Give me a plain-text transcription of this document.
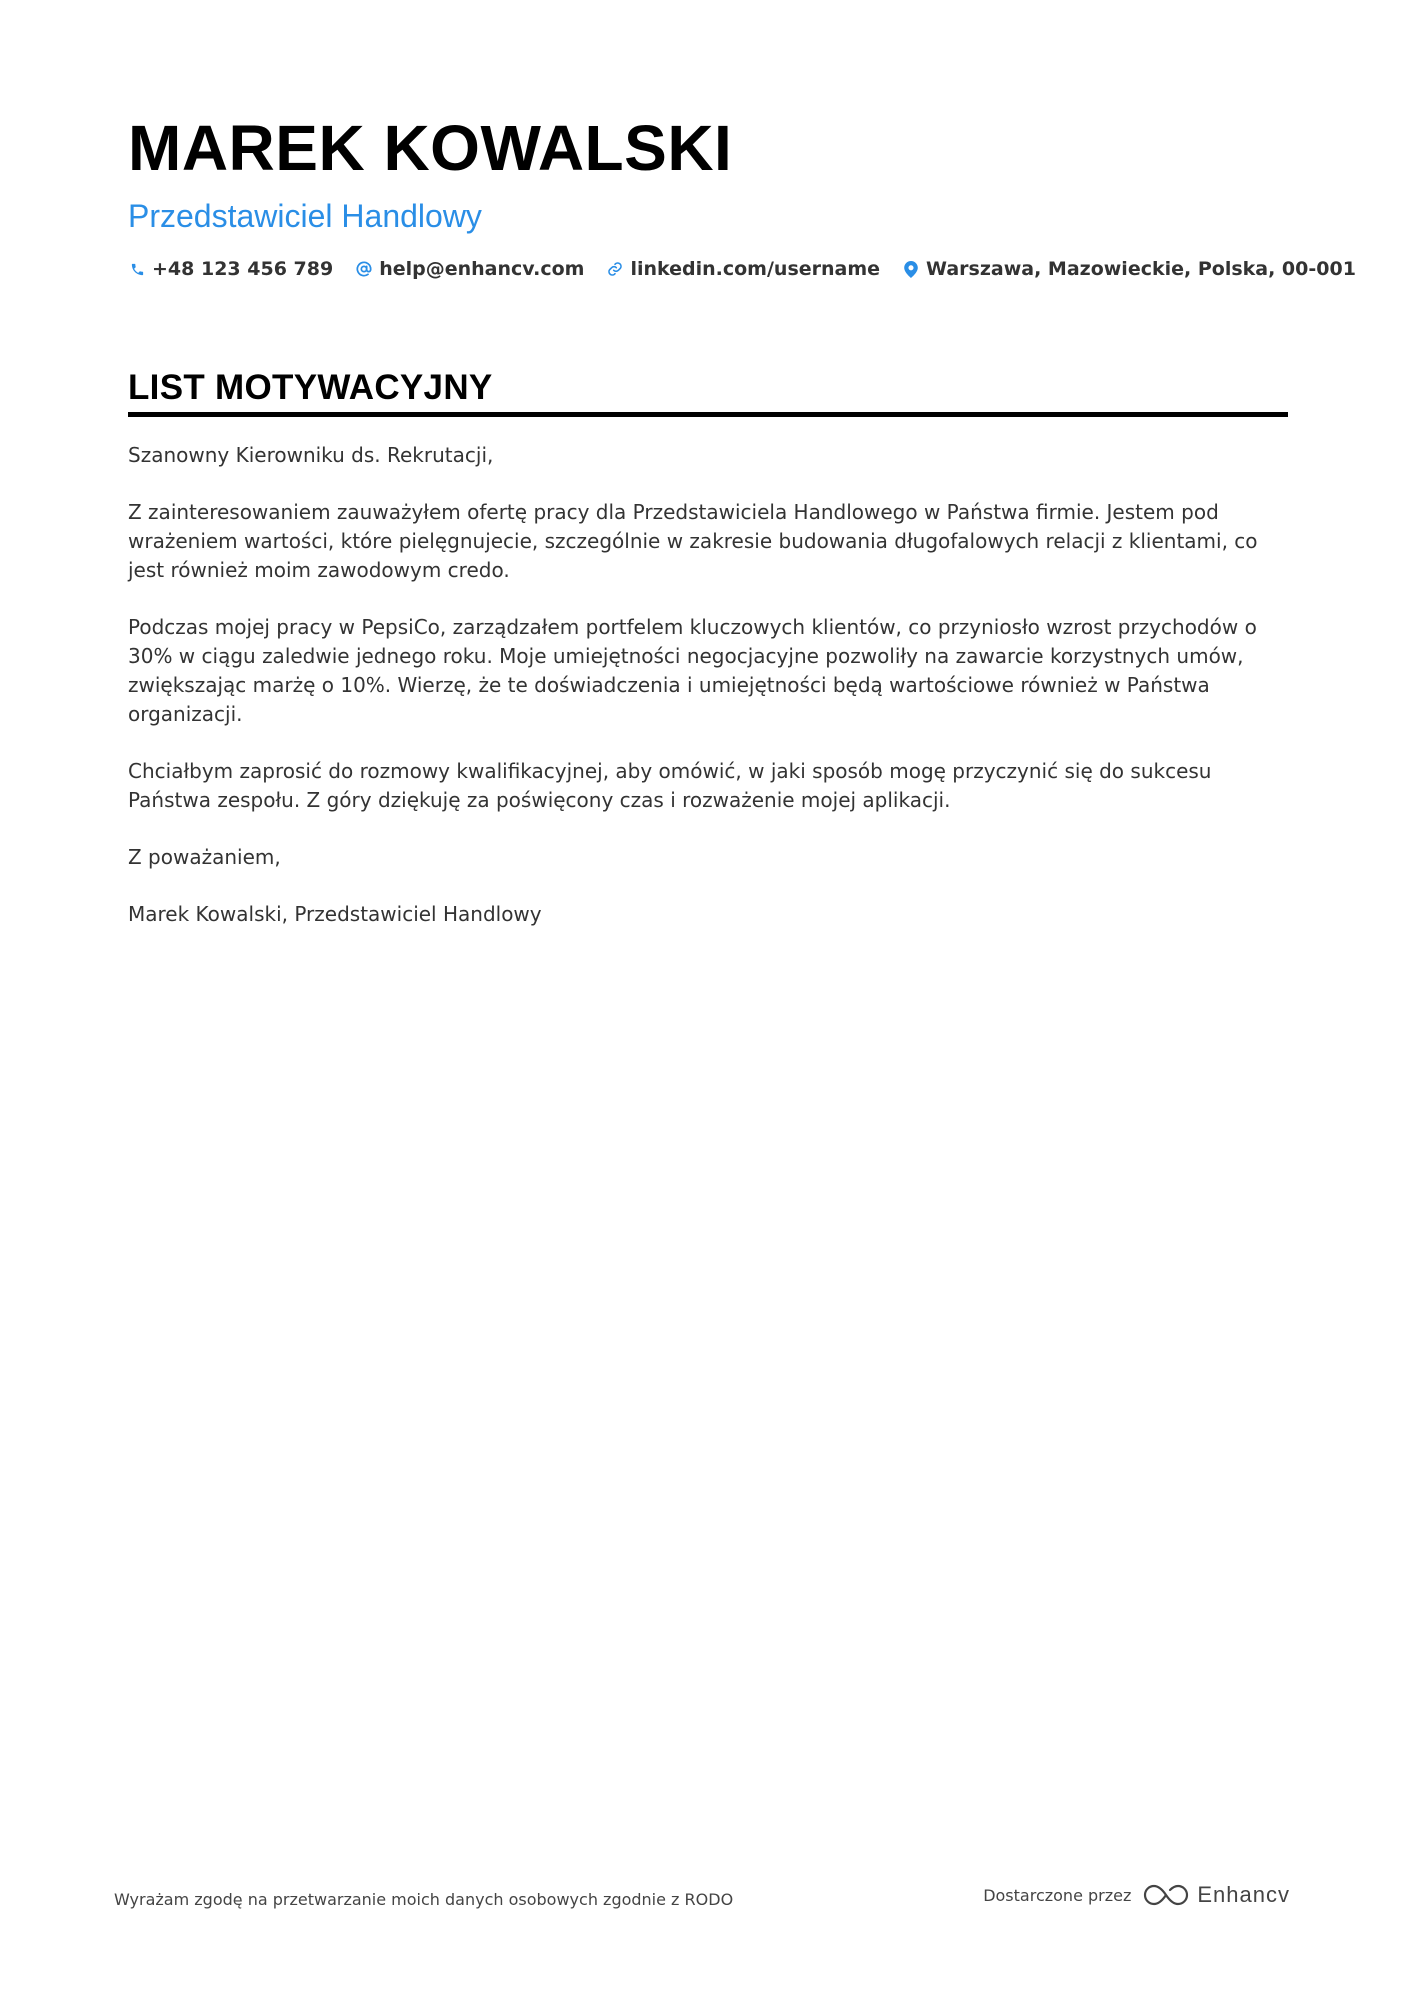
MAREK KOWALSKI
Przedstawiciel Handlowy
+48 123 456 789 help@enhancv.com linkedin.com/username Warszawa, Mazowieckie, Polska, 00-001
LIST MOTYWACYJNY

Szanowny Kierowniku ds. Rekrutacji,

Z zainteresowaniem zauważyłem ofertę pracy dla Przedstawiciela Handlowego w Państwa firmie. Jestem pod wrażeniem wartości, które pielęgnujecie, szczególnie w zakresie budowania długofalowych relacji z klientami, co jest również moim zawodowym credo.

Podczas mojej pracy w PepsiCo, zarządzałem portfelem kluczowych klientów, co przyniosło wzrost przychodów o 30% w ciągu zaledwie jednego roku. Moje umiejętności negocjacyjne pozwoliły na zawarcie korzystnych umów, zwiększając marżę o 10%. Wierzę, że te doświadczenia i umiejętności będą wartościowe również w Państwa organizacji.

Chciałbym zaprosić do rozmowy kwalifikacyjnej, aby omówić, w jaki sposób mogę przyczynić się do sukcesu Państwa zespołu. Z góry dziękuję za poświęcony czas i rozważenie mojej aplikacji.

Z poważaniem,

Marek Kowalski, Przedstawiciel Handlowy

Wyrażam zgodę na przetwarzanie moich danych osobowych zgodnie z RODO	Dostarczone przez	Enhancv
